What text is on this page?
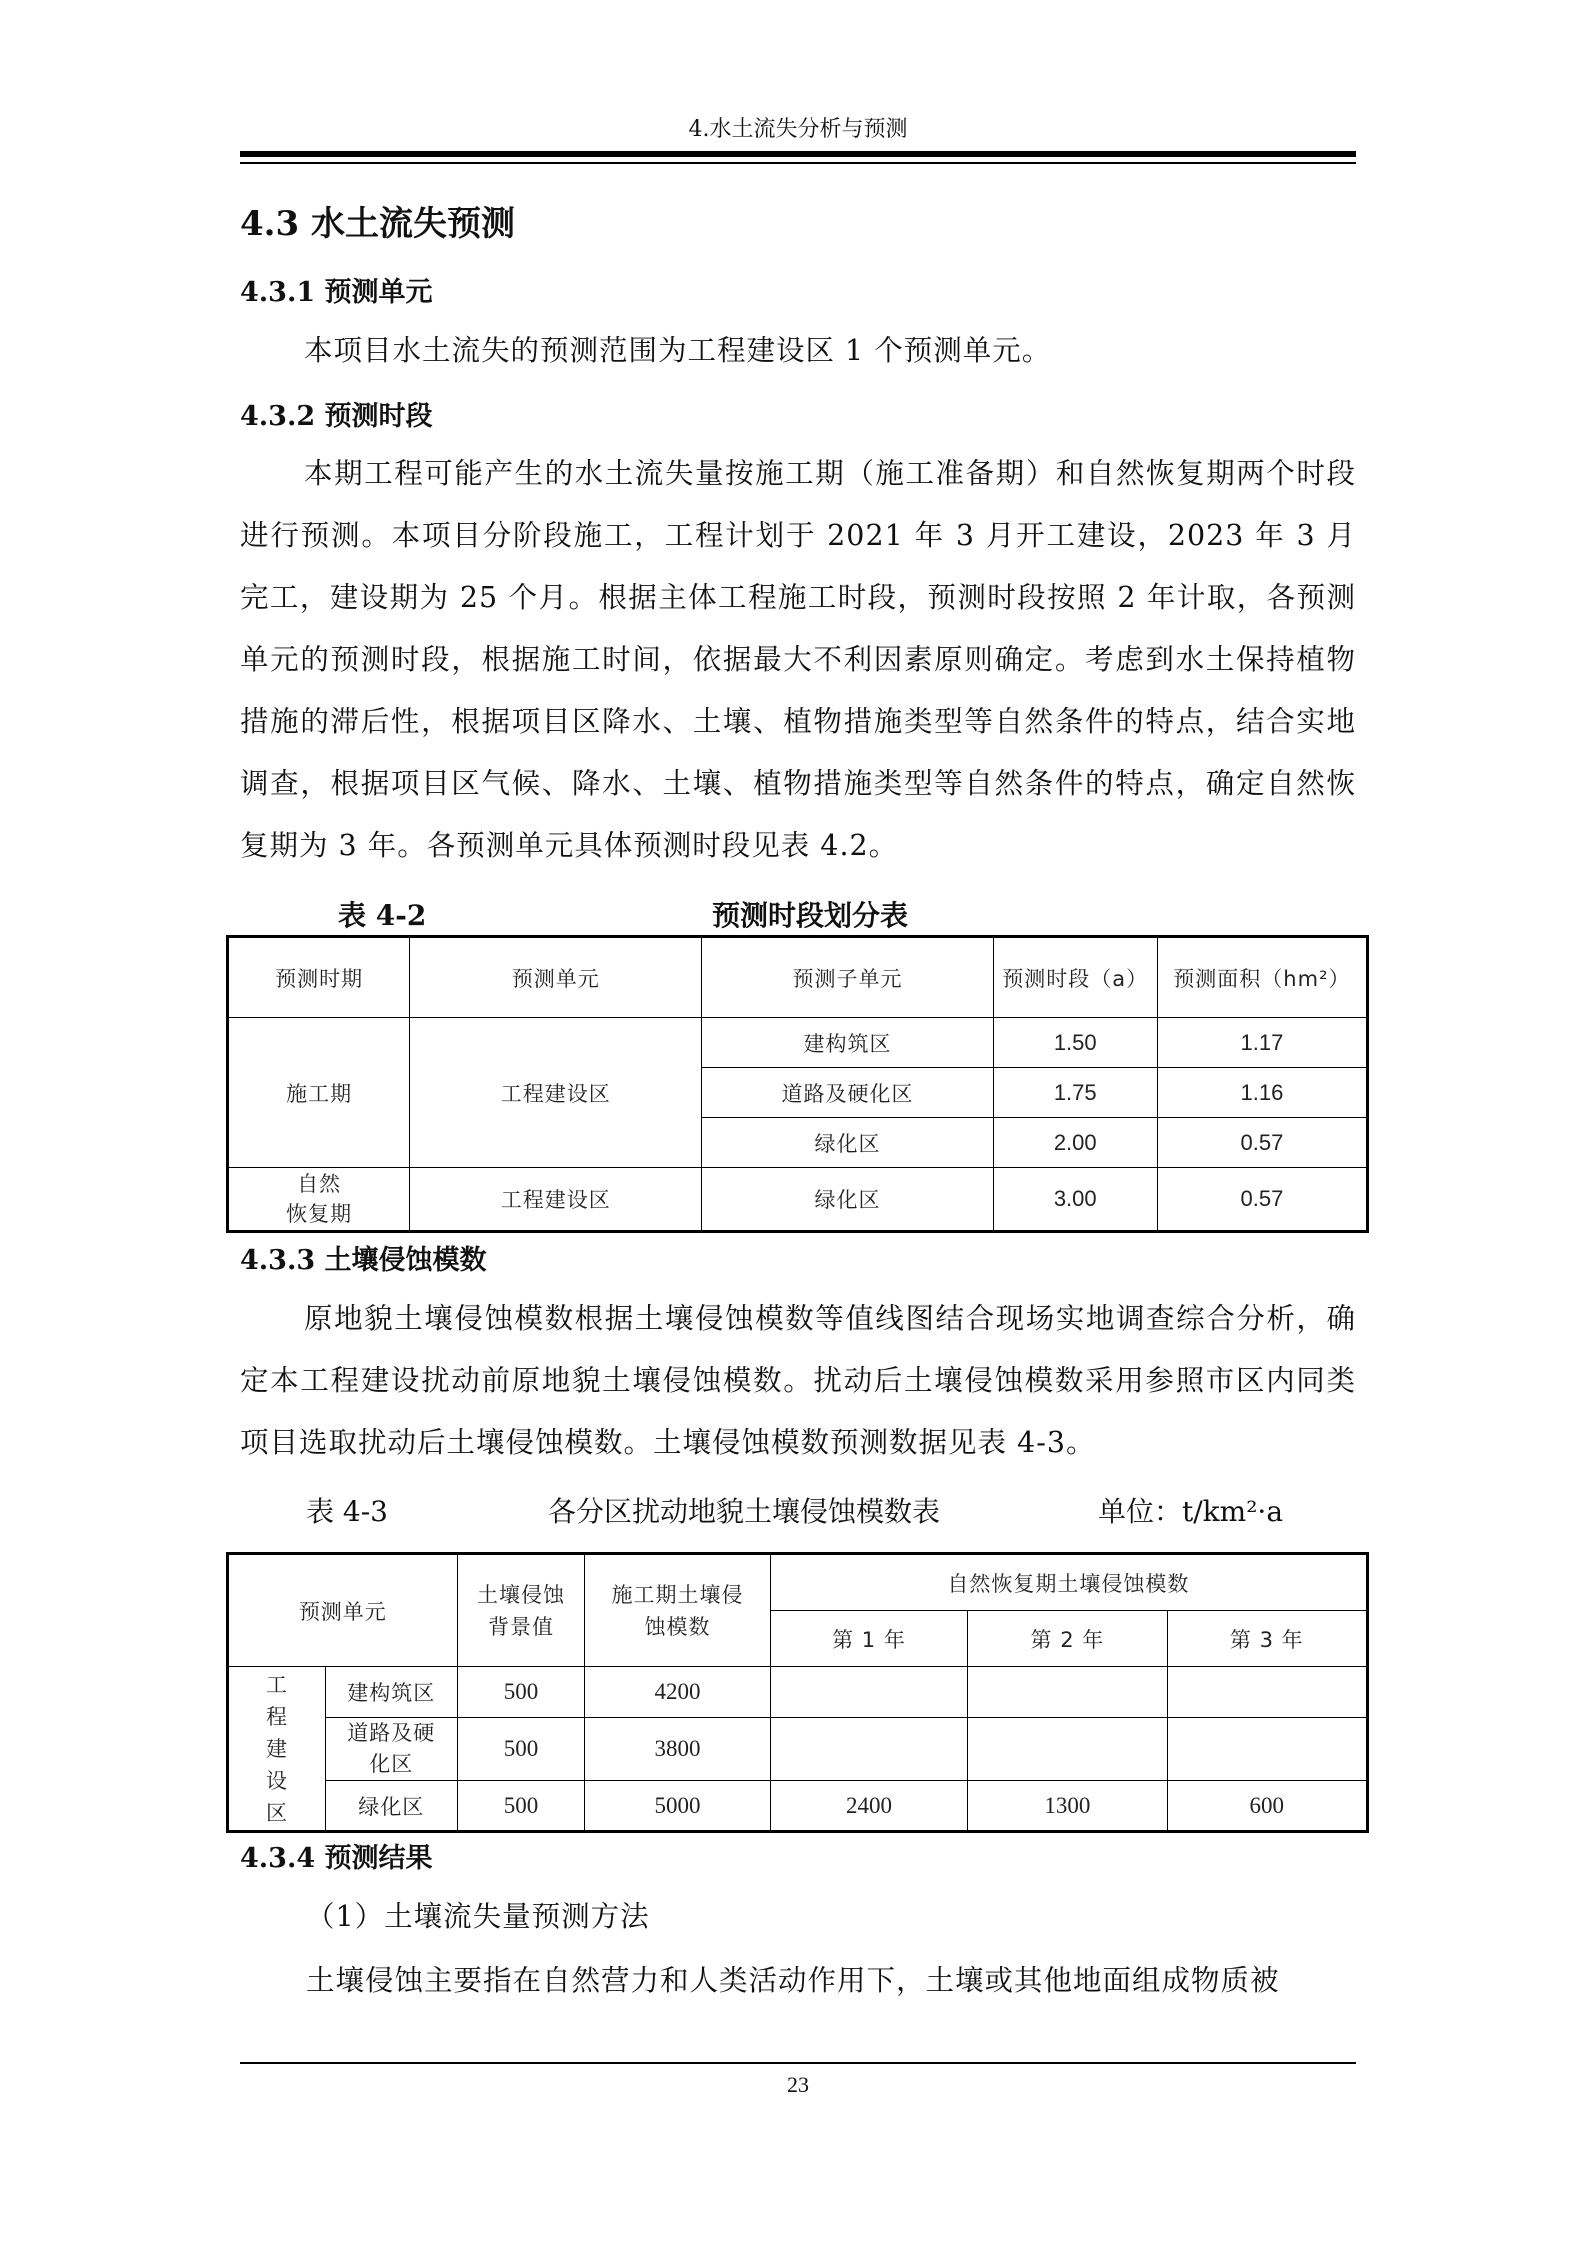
4.水土流失分析与预测
4.3 水土流失预测
4.3.1 预测单元
本项目水土流失的预测范围为工程建设区 1 个预测单元。
4.3.2 预测时段
本期工程可能产生的水土流失量按施工期（施工准备期）和自然恢复期两个时段进行预测。本项目分阶段施工，工程计划于 2021 年 3 月开工建设，2023 年 3 月完工，建设期为 25 个月。根据主体工程施工时段，预测时段按照 2 年计取，各预测单元的预测时段，根据施工时间，依据最大不利因素原则确定。考虑到水土保持植物措施的滞后性，根据项目区降水、土壤、植物措施类型等自然条件的特点，结合实地调查，根据项目区气候、降水、土壤、植物措施类型等自然条件的特点，确定自然恢复期为 3 年。各预测单元具体预测时段见表 4.2。
表 4-2	预测时段划分表
预测时期	预测单元	预测子单元	预测时段（a）	预测面积（hm²）
施工期	工程建设区	建构筑区	1.50	1.17
		道路及硬化区	1.75	1.16
		绿化区	2.00	0.57
自然
恢复期	工程建设区	绿化区	3.00	0.57
4.3.3 土壤侵蚀模数
原地貌土壤侵蚀模数根据土壤侵蚀模数等值线图结合现场实地调查综合分析，确定本工程建设扰动前原地貌土壤侵蚀模数。扰动后土壤侵蚀模数采用参照市区内同类项目选取扰动后土壤侵蚀模数。土壤侵蚀模数预测数据见表 4-3。
表 4-3	各分区扰动地貌土壤侵蚀模数表	单位：t/km²·a
预测单元		土壤侵蚀背景值	施工期土壤侵蚀模数	自然恢复期土壤侵蚀模数		
				第 1 年	第 2 年	第 3 年
工程建设区	建构筑区	500	4200			
	道路及硬化区	500	3800			
	绿化区	500	5000	2400	1300	600
4.3.4 预测结果
（1）土壤流失量预测方法
土壤侵蚀主要指在自然营力和人类活动作用下，土壤或其他地面组成物质被
23
